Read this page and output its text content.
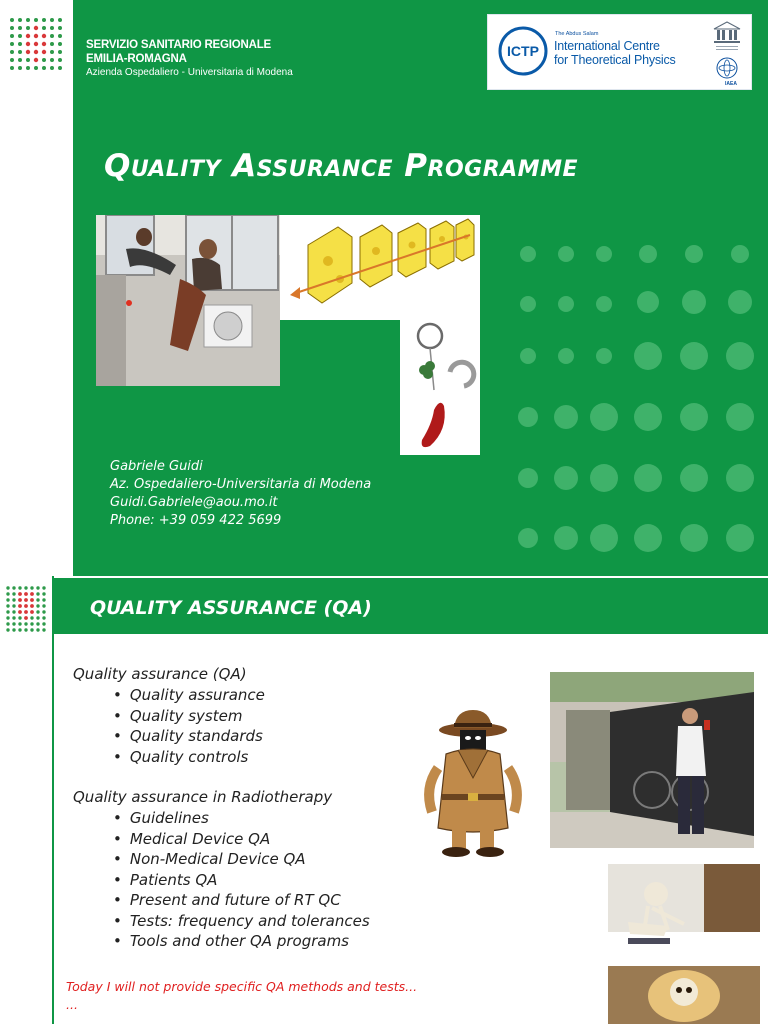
SERVIZIO SANITARIO REGIONALE
EMILIA-ROMAGNA
Azienda Ospedaliero - Universitaria di Modena
ICTP
The Abdus Salam
International Centre
for Theoretical Physics
IAEA
Quality Assurance Programme
Gabriele Guidi
Az. Ospedaliero-Universitaria di Modena
Guidi.Gabriele@aou.mo.it
Phone: +39 059 422 5699
QUALITY ASSURANCE (QA)
Quality assurance (QA)
• Quality assurance
• Quality system
• Quality standards
• Quality controls
Quality assurance in Radiotherapy
• Guidelines
• Medical Device QA
• Non-Medical Device QA
• Patients QA
• Present and future of RT QC
• Tests: frequency and tolerances
• Tools and other QA programs
Today I will not provide specific QA methods and tests...
...
